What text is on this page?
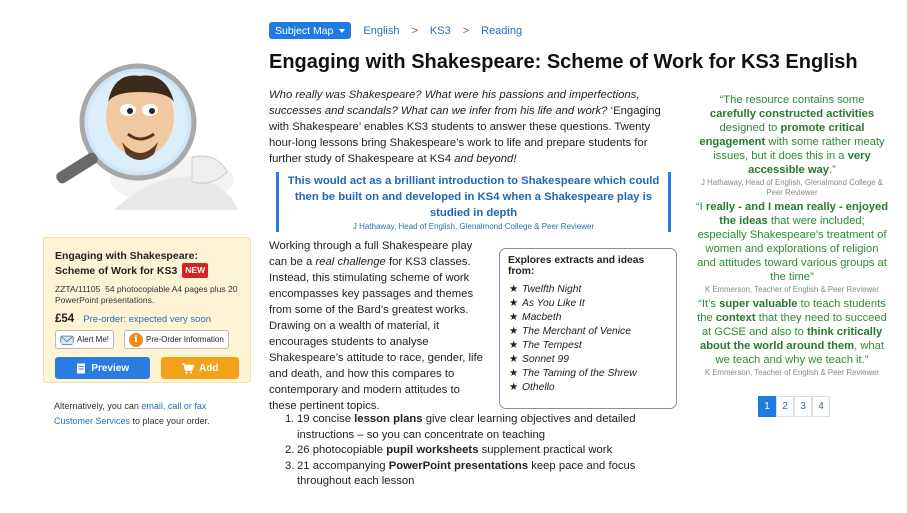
Subject Map	English > KS3 > Reading
Engaging with Shakespeare: Scheme of Work for KS3 English

Who really was Shakespeare? What were his passions and imperfections, successes and scandals? What can we infer from his life and work? ‘Engaging with Shakespeare’ enables KS3 students to answer these questions. Twenty hour-long lessons bring Shakespeare’s work to life and prepare students for further study of Shakespeare at KS4 and beyond!

This would act as a brilliant introduction to Shakespeare which could then be built on and developed in KS4 when a Shakespeare play is studied in depth
J Hathaway, Head of English, Glenalmond College & Peer Reviewer

Working through a full Shakespeare play can be a real challenge for KS3 classes. Instead, this stimulating scheme of work encompasses key passages and themes from some of the Bard’s greatest works. Drawing on a wealth of material, it encourages students to analyse Shakespeare’s attitude to race, gender, life and death, and how this compares to contemporary and modern attitudes to these pertinent topics.

Explores extracts and ideas from:
★ Twelfth Night
★ As You Like It
★ Macbeth
★ The Merchant of Venice
★ The Tempest
★ Sonnet 99
★ The Taming of the Shrew
★ Othello
1. 19 concise lesson plans give clear learning objectives and detailed instructions – so you can concentrate on teaching
2. 26 photocopiable pupil worksheets supplement practical work
3. 21 accompanying PowerPoint presentations keep pace and focus throughout each lesson
Engaging with Shakespeare: Scheme of Work for KS3 NEW
ZZTA/11105 54 photocopiable A4 pages plus 20 PowerPoint presentations.
£54 Pre-order: expected very soon
Alert Me!	i	Pre-Order Information
Preview	Add

Alternatively, you can email, call or fax
Customer Services to place your order.

“The resource contains some carefully constructed activities designed to promote critical engagement with some rather meaty issues, but it does this in a very accessible way.”
J Hathaway, Head of English, Glenalmond College & Peer Reviewer
“I really - and I mean really - enjoyed the ideas that were included; especially Shakespeare’s treatment of women and explorations of religion and attitudes toward various groups at the time”
K Emmerson, Teacher of English & Peer Reviewer
“It’s super valuable to teach students the context that they need to succeed at GCSE and also to think critically about the world around them, what we teach and why we teach it.”
K Emmerson, Teacher of English & Peer Reviewer
1	2	3	4
